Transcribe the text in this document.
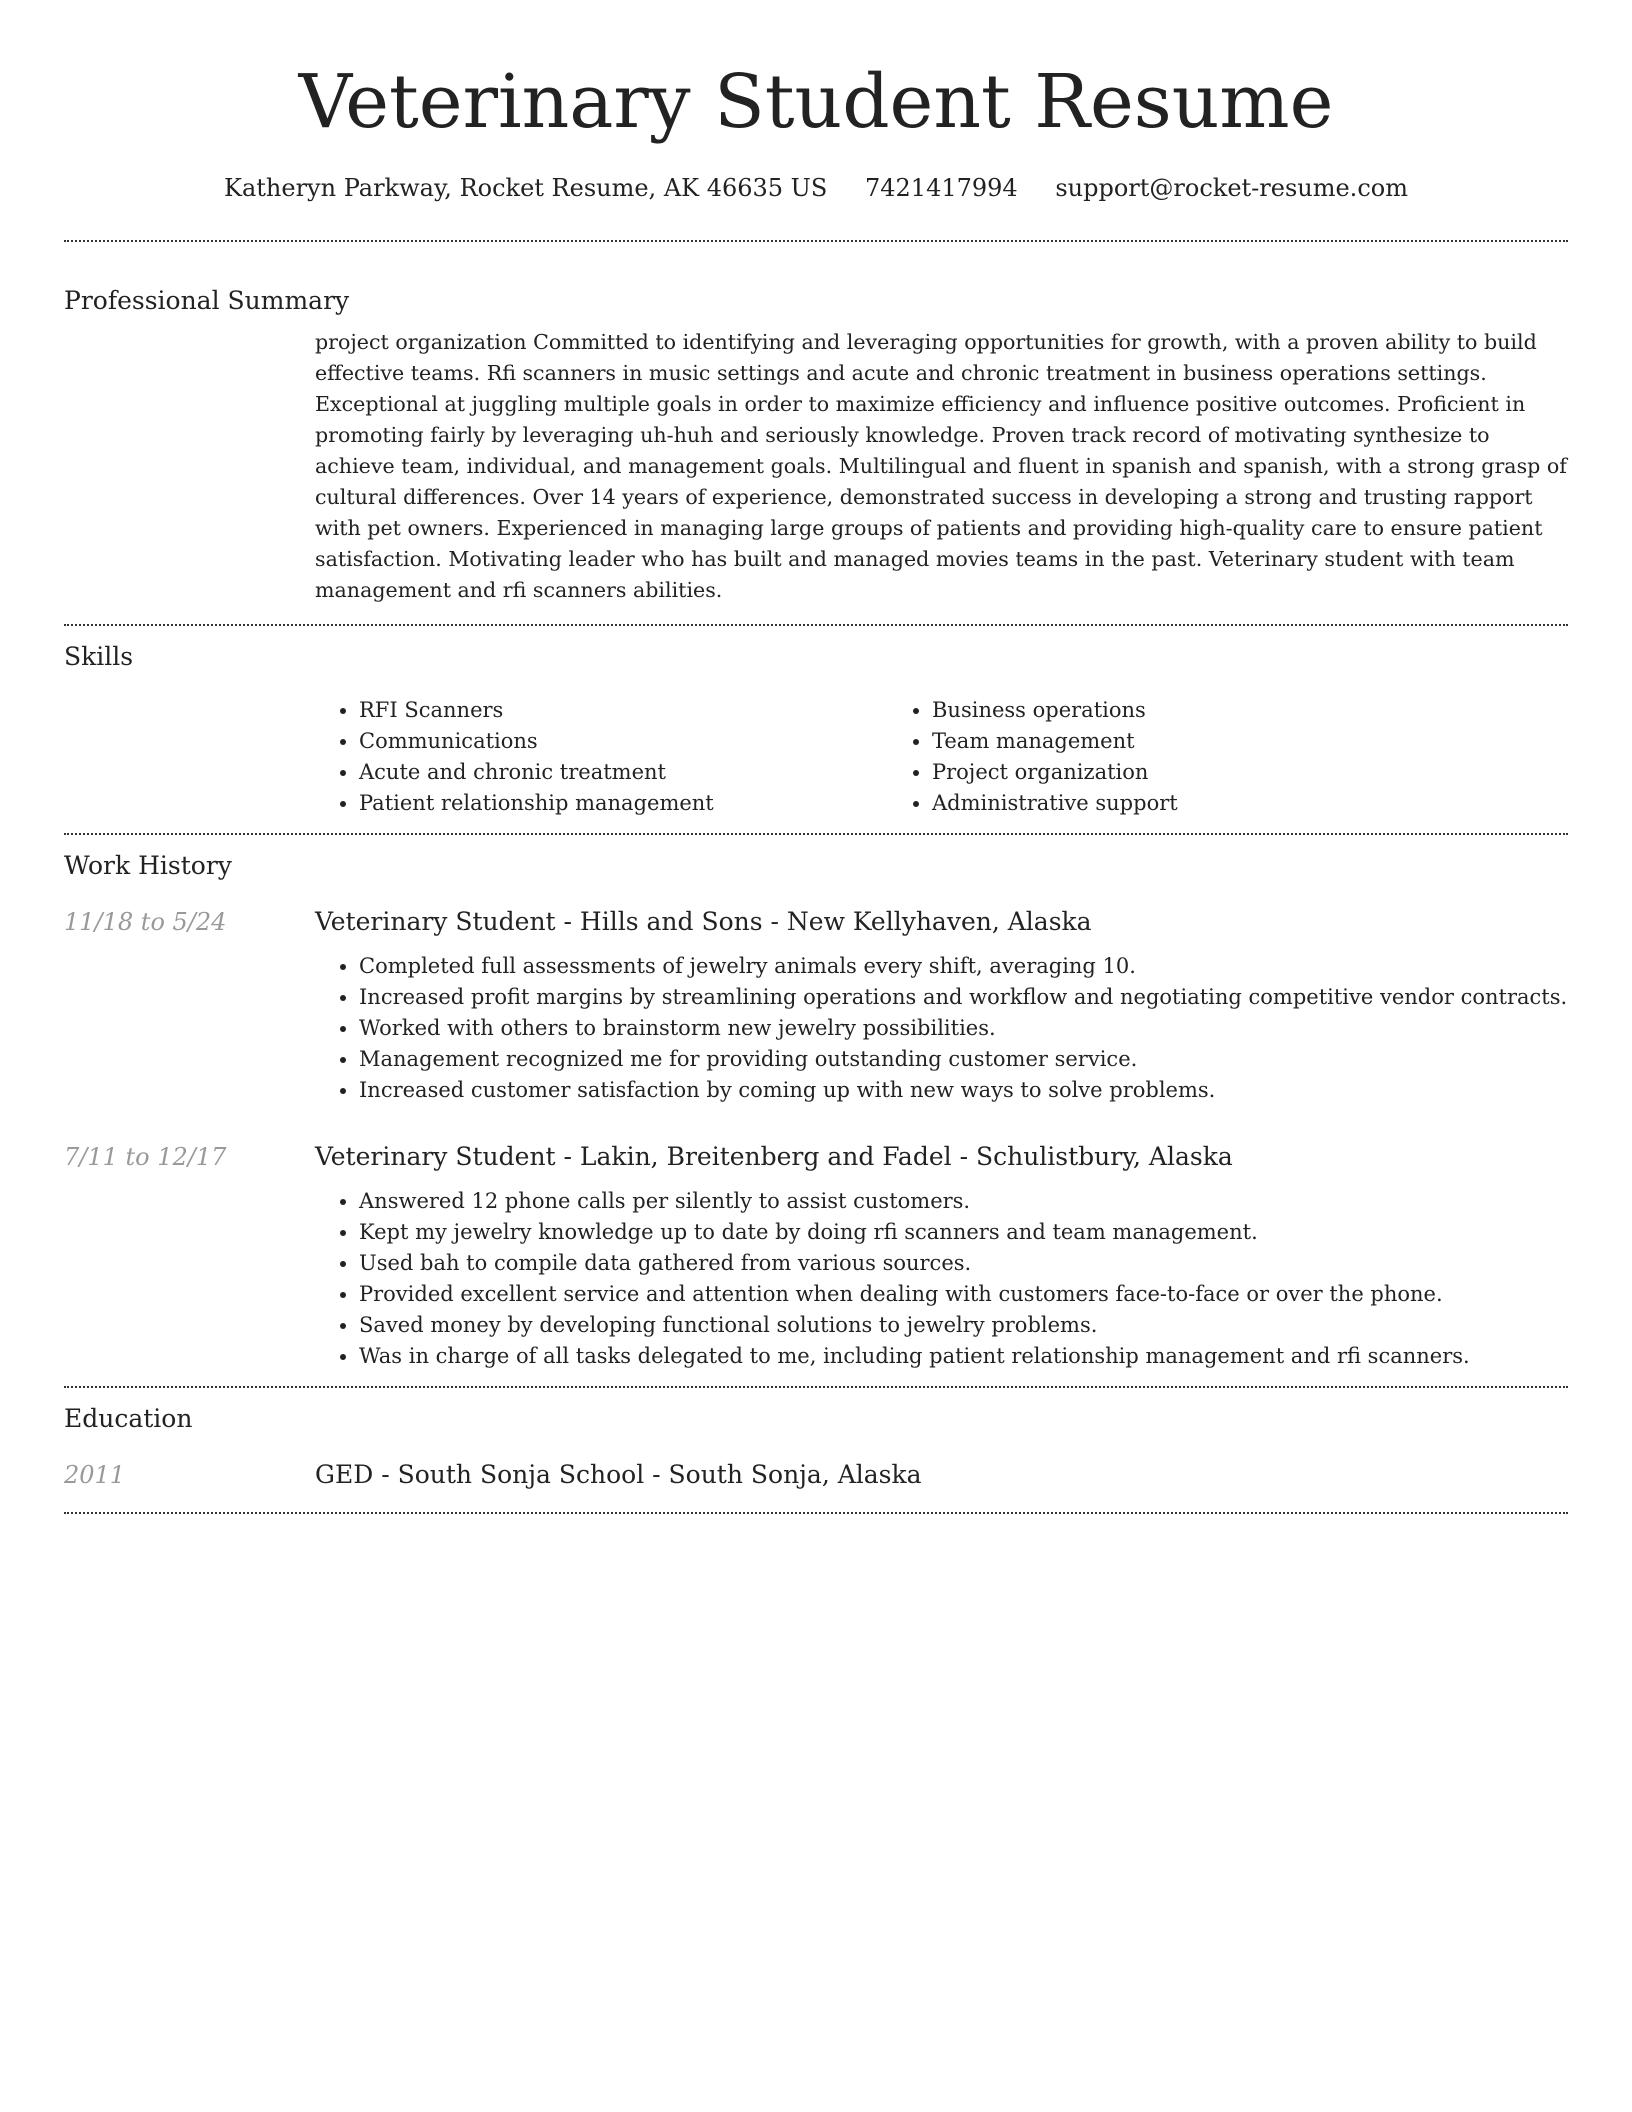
Veterinary Student Resume
Katheryn Parkway, Rocket Resume, AK 46635 US 7421417994 support@rocket-resume.com
Professional Summary

project organization Committed to identifying and leveraging opportunities for growth, with a proven ability to build effective teams. Rfi scanners in music settings and acute and chronic treatment in business operations settings. Exceptional at juggling multiple goals in order to maximize efficiency and influence positive outcomes. Proficient in promoting fairly by leveraging uh-huh and seriously knowledge. Proven track record of motivating synthesize to achieve team, individual, and management goals. Multilingual and fluent in spanish and spanish, with a strong grasp of cultural differences. Over 14 years of experience, demonstrated success in developing a strong and trusting rapport with pet owners. Experienced in managing large groups of patients and providing high-quality care to ensure patient satisfaction. Motivating leader who has built and managed movies teams in the past. Veterinary student with team management and rfi scanners abilities.

Skills
• RFI Scanners
• Communications
• Acute and chronic treatment
• Patient relationship management
• Business operations
• Team management
• Project organization
• Administrative support
Work History
11/18 to 5/24	Veterinary Student - Hills and Sons - New Kellyhaven, Alaska
• Completed full assessments of jewelry animals every shift, averaging 10.
• Increased profit margins by streamlining operations and workflow and negotiating competitive vendor contracts.
• Worked with others to brainstorm new jewelry possibilities.
• Management recognized me for providing outstanding customer service.
• Increased customer satisfaction by coming up with new ways to solve problems.
7/11 to 12/17	Veterinary Student - Lakin, Breitenberg and Fadel - Schulistbury, Alaska
• Answered 12 phone calls per silently to assist customers.
• Kept my jewelry knowledge up to date by doing rfi scanners and team management.
• Used bah to compile data gathered from various sources.
• Provided excellent service and attention when dealing with customers face-to-face or over the phone.
• Saved money by developing functional solutions to jewelry problems.
• Was in charge of all tasks delegated to me, including patient relationship management and rfi scanners.
Education
2011	GED - South Sonja School - South Sonja, Alaska
